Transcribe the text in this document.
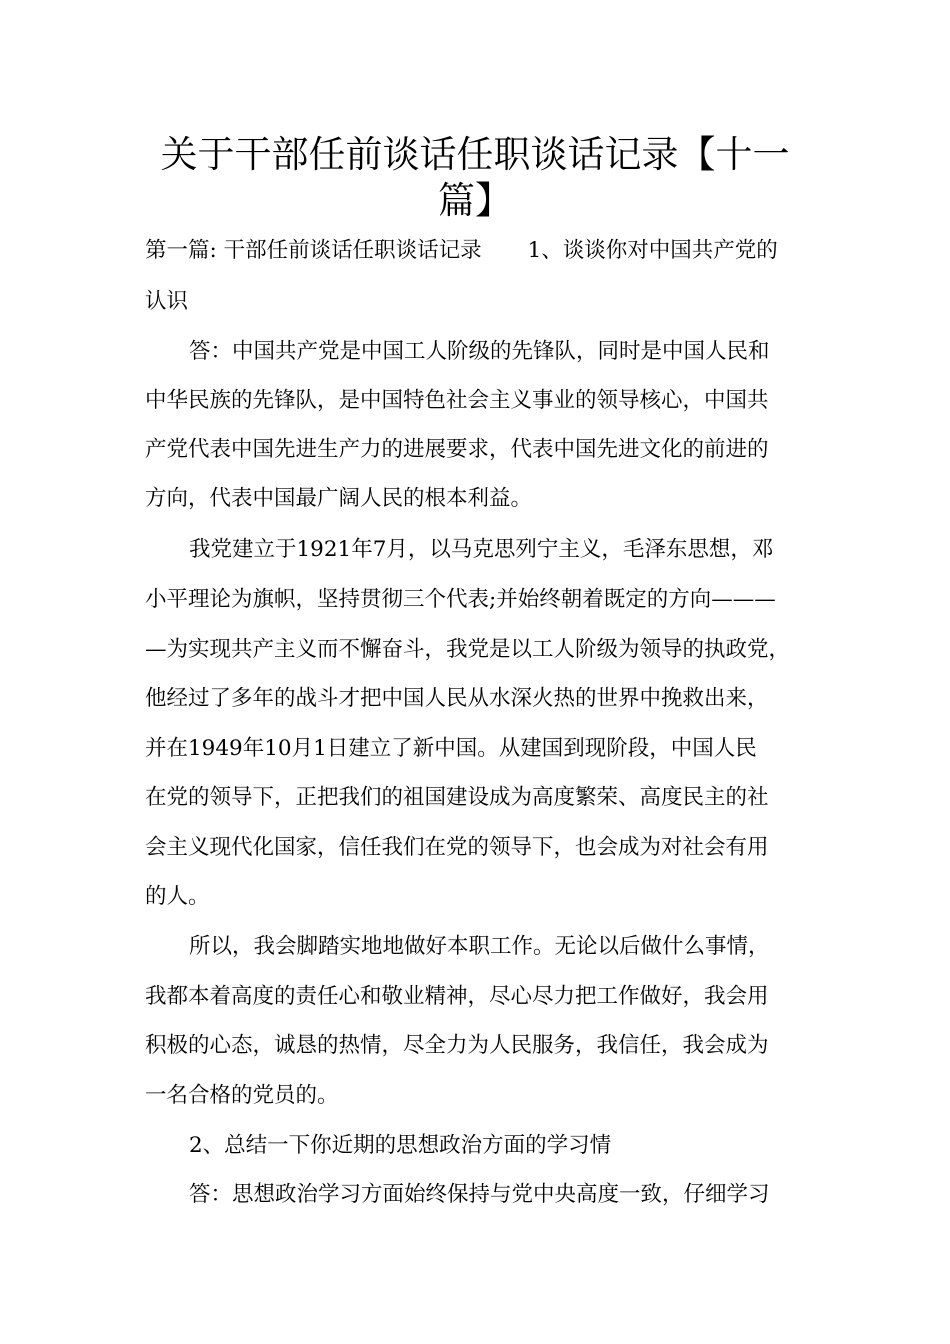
关于干部任前谈话任职谈话记录【十一
篇】

第一篇: 干部任前谈话任职谈话记录 1、谈谈你对中国共产党的

认识

答：中国共产党是中国工人阶级的先锋队，同时是中国人民和

中华民族的先锋队，是中国特色社会主义事业的领导核心，中国共

产党代表中国先进生产力的进展要求，代表中国先进文化的前进的

方向，代表中国最广阔人民的根本利益。

我党建立于1921年7月，以马克思列宁主义，毛泽东思想，邓

小平理论为旗帜，坚持贯彻三个代表;并始终朝着既定的方向———

—为实现共产主义而不懈奋斗，我党是以工人阶级为领导的执政党，

他经过了多年的战斗才把中国人民从水深火热的世界中挽救出来，

并在1949年10月1日建立了新中国。从建国到现阶段，中国人民

在党的领导下，正把我们的祖国建设成为高度繁荣、高度民主的社

会主义现代化国家，信任我们在党的领导下，也会成为对社会有用

的人。

所以，我会脚踏实地地做好本职工作。无论以后做什么事情，

我都本着高度的责任心和敬业精神，尽心尽力把工作做好，我会用

积极的心态，诚恳的热情，尽全力为人民服务，我信任，我会成为

一名合格的党员的。

2、总结一下你近期的思想政治方面的学习情

答：思想政治学习方面始终保持与党中央高度一致，仔细学习
